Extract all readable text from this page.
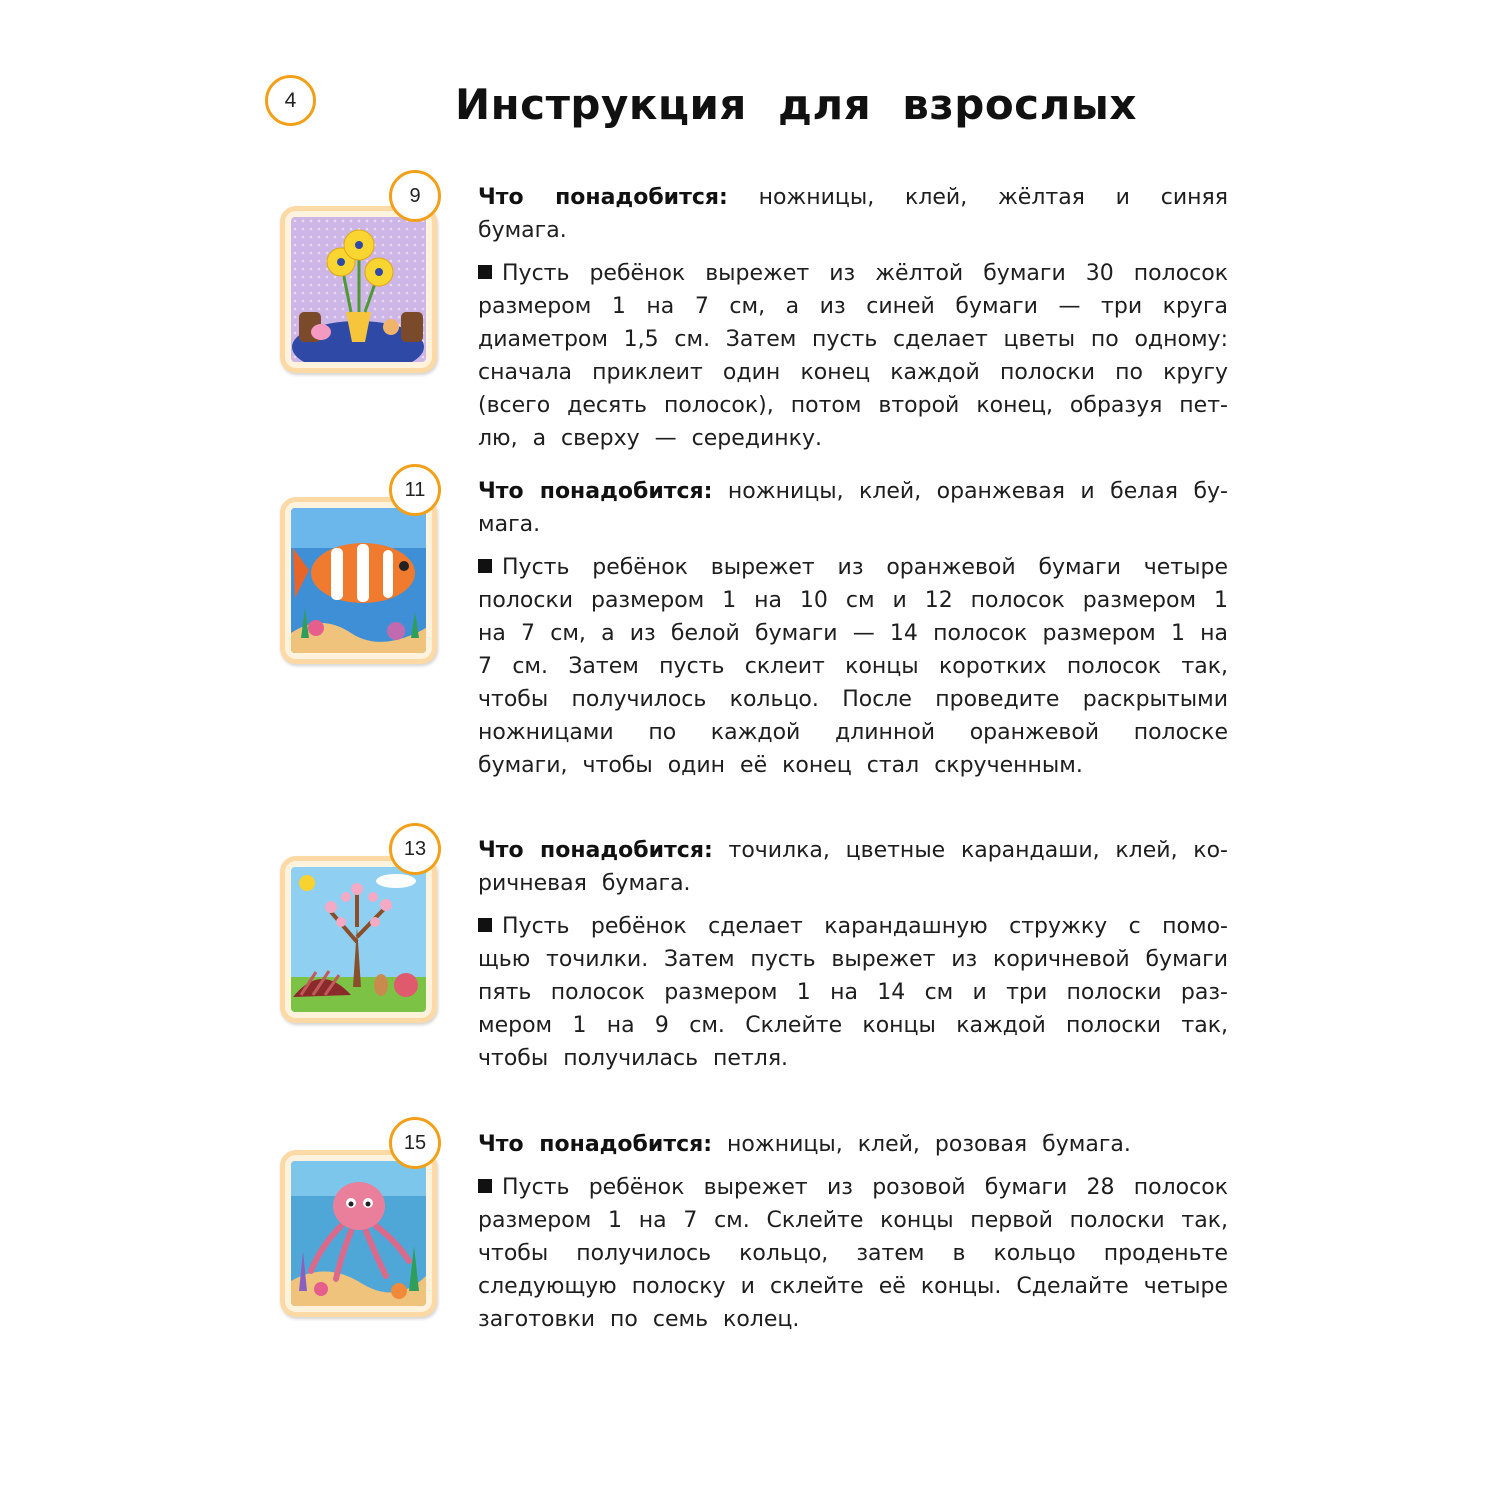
4	Инструкция для взрослых
9	Что понадобится: ножницы, клей, жёлтая и синяя бумага.

Пусть ребёнок вырежет из жёлтой бумаги 30 полосок размером 1 на 7 см, а из синей бумаги — три круга диаметром 1,5 см. Затем пусть сделает цветы по одному: сначала приклеит один конец каждой полоски по кругу (всего десять полосок), потом второй конец, образуя петлю, а сверху — серединку.

11	Что понадобится: ножницы, клей, оранжевая и белая бумага.

Пусть ребёнок вырежет из оранжевой бумаги четыре полоски размером 1 на 10 см и 12 полосок размером 1 на 7 см, а из белой бумаги — 14 полосок размером 1 на 7 см. Затем пусть склеит концы коротких полосок так, чтобы получилось кольцо. После проведите раскрытыми ножницами по каждой длинной оранжевой полоске бумаги, чтобы один её конец стал скрученным.

13	Что понадобится: точилка, цветные карандаши, клей, коричневая бумага.

Пусть ребёнок сделает карандашную стружку с помощью точилки. Затем пусть вырежет из коричневой бумаги пять полосок размером 1 на 14 см и три полоски размером 1 на 9 см. Склейте концы каждой полоски так, чтобы получилась петля.

15	Что понадобится: ножницы, клей, розовая бумага.

Пусть ребёнок вырежет из розовой бумаги 28 полосок размером 1 на 7 см. Склейте концы первой полоски так, чтобы получилось кольцо, затем в кольцо проденьте следующую полоску и склейте её концы. Сделайте четыре заготовки по семь колец.
